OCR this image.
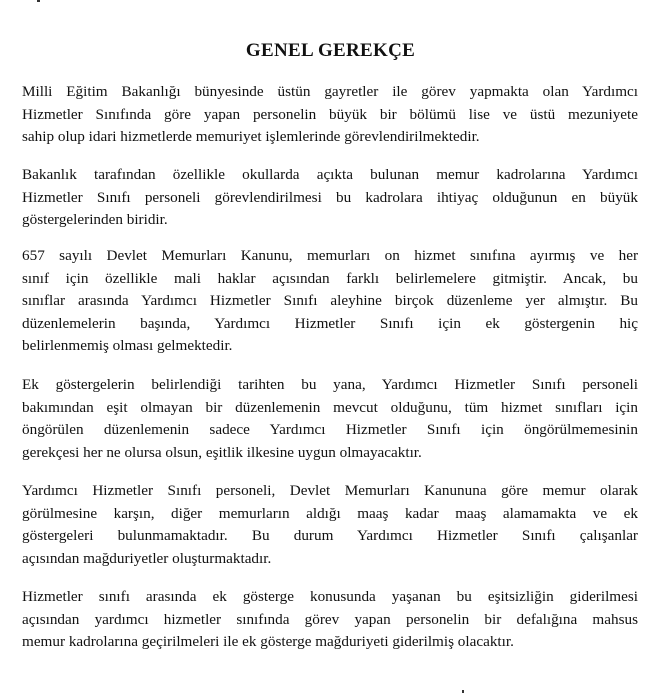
GENEL GEREKÇE
Milli Eğitim Bakanlığı bünyesinde üstün gayretler ile görev yapmakta olan Yardımcı
Hizmetler Sınıfında göre yapan personelin büyük bir bölümü lise ve üstü mezuniyete
sahip olup idari hizmetlerde memuriyet işlemlerinde görevlendirilmektedir.
Bakanlık tarafından özellikle okullarda açıkta bulunan memur kadrolarına Yardımcı
Hizmetler Sınıfı personeli görevlendirilmesi bu kadrolara ihtiyaç olduğunun en büyük
göstergelerinden biridir.
657 sayılı Devlet Memurları Kanunu, memurları on hizmet sınıfına ayırmış ve her
sınıf için özellikle mali haklar açısından farklı belirlemelere gitmiştir. Ancak, bu
sınıflar arasında Yardımcı Hizmetler Sınıfı aleyhine birçok düzenleme yer almıştır. Bu
düzenlemelerin başında, Yardımcı Hizmetler Sınıfı için ek göstergenin hiç
belirlenmemiş olması gelmektedir.
Ek göstergelerin belirlendiği tarihten bu yana, Yardımcı Hizmetler Sınıfı personeli
bakımından eşit olmayan bir düzenlemenin mevcut olduğunu, tüm hizmet sınıfları için
öngörülen düzenlemenin sadece Yardımcı Hizmetler Sınıfı için öngörülmemesinin
gerekçesi her ne olursa olsun, eşitlik ilkesine uygun olmayacaktır.
Yardımcı Hizmetler Sınıfı personeli, Devlet Memurları Kanununa göre memur olarak
görülmesine karşın, diğer memurların aldığı maaş kadar maaş alamamakta ve ek
göstergeleri bulunmamaktadır. Bu durum Yardımcı Hizmetler Sınıfı çalışanlar
açısından mağduriyetler oluşturmaktadır.
Hizmetler sınıfı arasında ek gösterge konusunda yaşanan bu eşitsizliğin giderilmesi
açısından yardımcı hizmetler sınıfında görev yapan personelin bir defalığına mahsus
memur kadrolarına geçirilmeleri ile ek gösterge mağduriyeti giderilmiş olacaktır.
